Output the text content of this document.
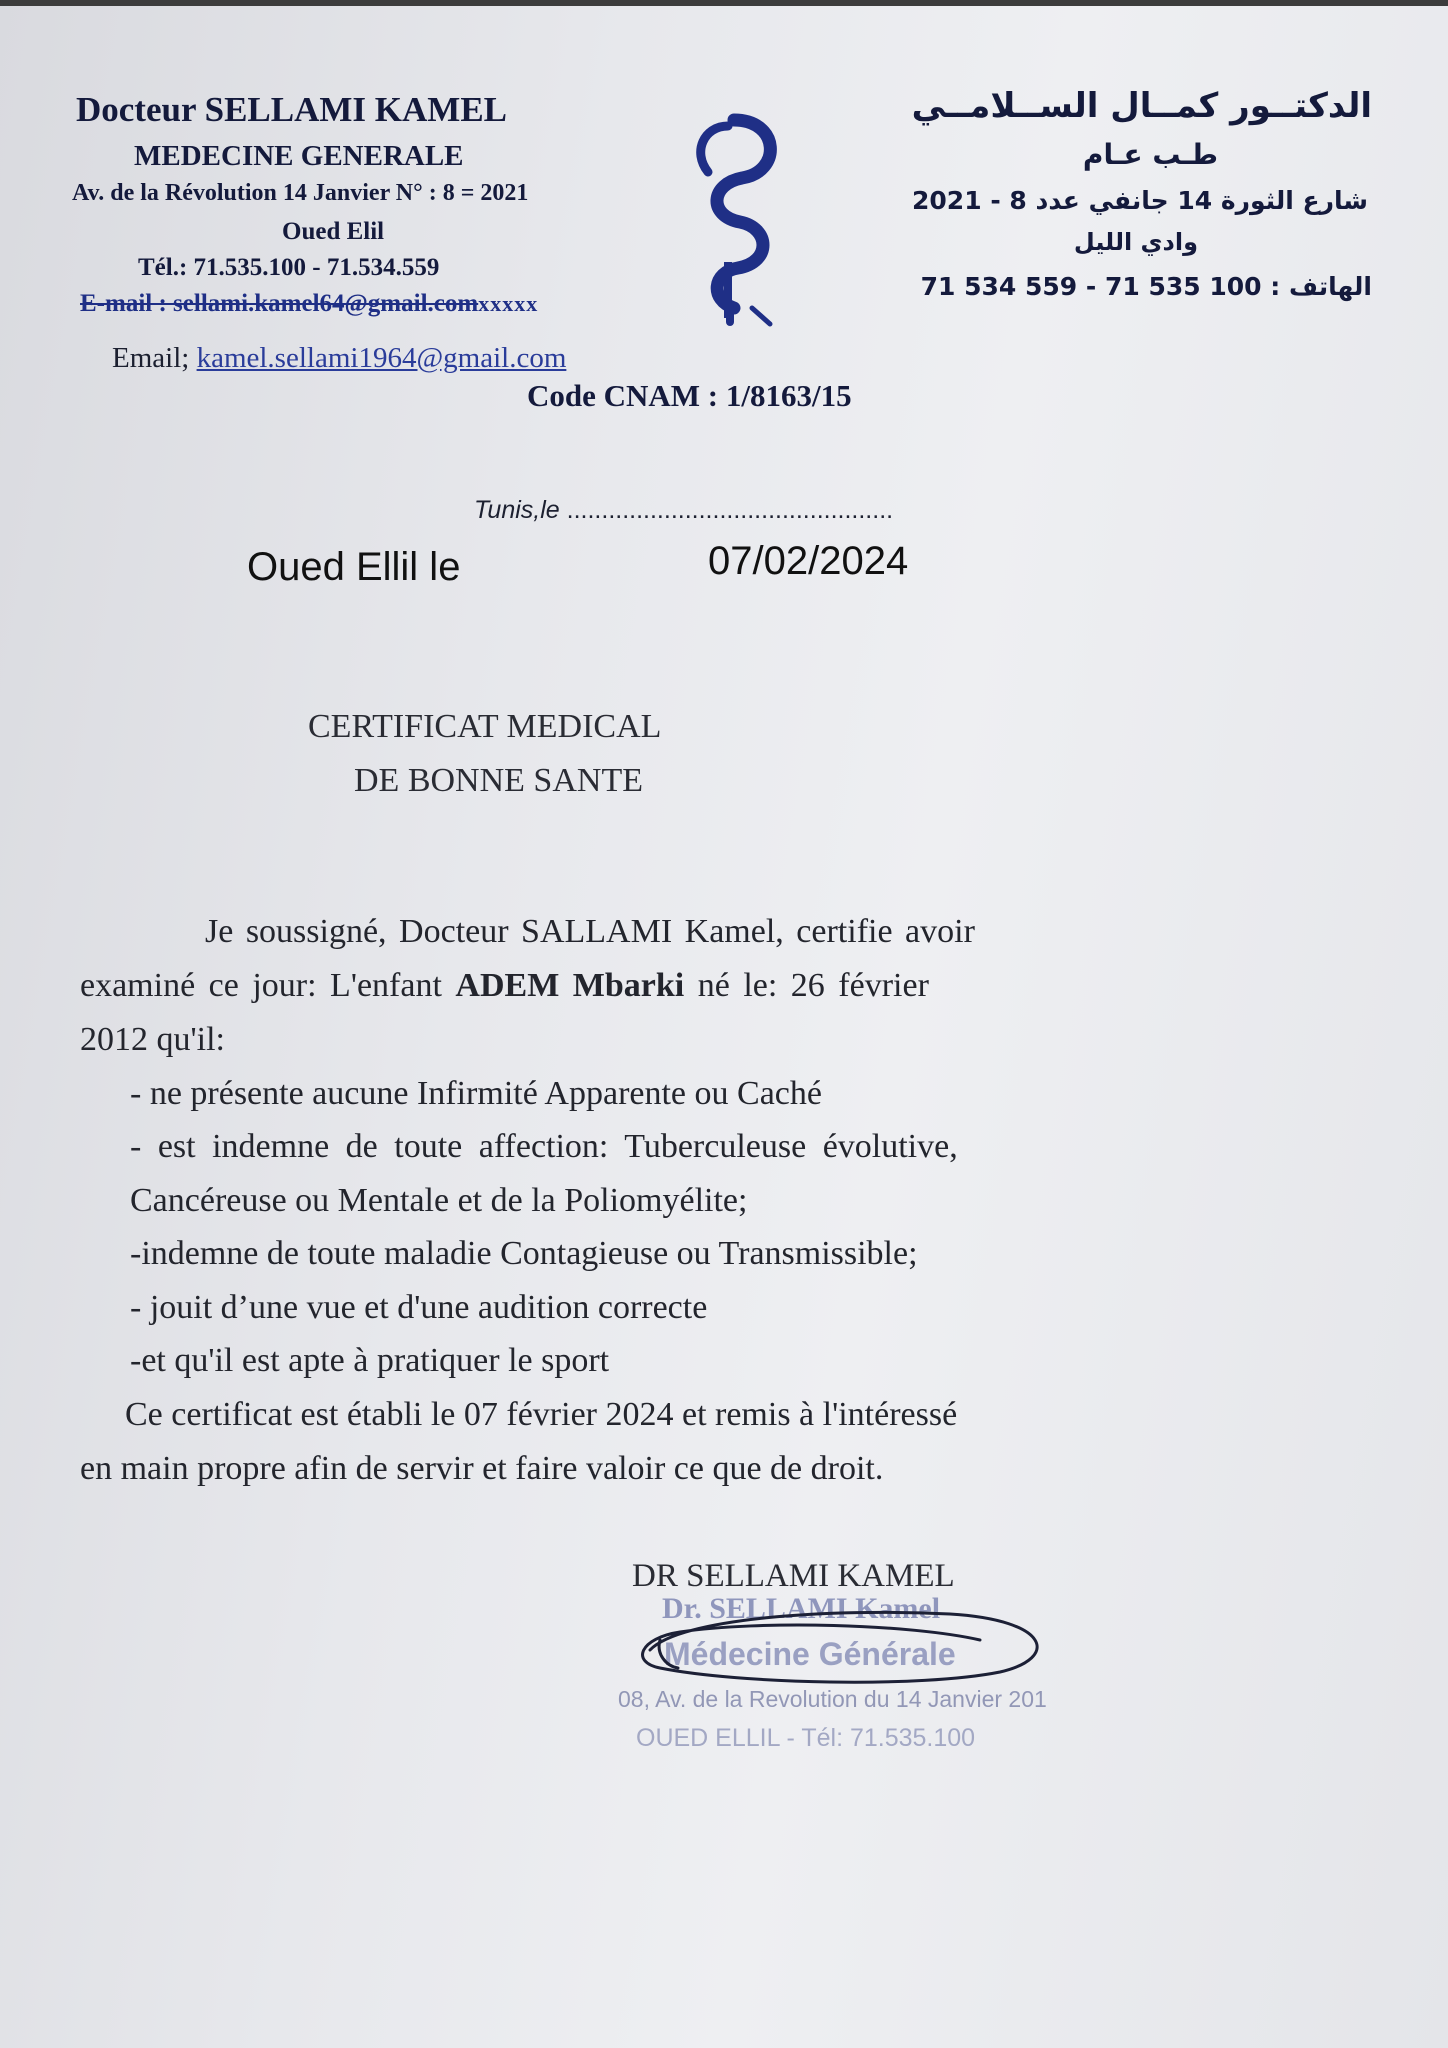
Docteur SELLAMI KAMEL

MEDECINE GENERALE

Av. de la Révolution 14 Janvier N° : 8 = 2021

Oued Elil

Tél.: 71.535.100 - 71.534.559

E-mail : sellami.kamel64@gmail.comxxxxx
Email; kamel.sellami1964@gmail.com

Code CNAM : 1/8163/15

الدكتــور كمــال الســلامــي

طـب عـام

شارع الثورة 14 جانفي عدد 8 - 2021

وادي الليل

الهاتف : 100 535 71 - 559 534 71

Tunis,le ...............................................

Oued Ellil le	07/02/2024

CERTIFICAT MEDICAL

DE BONNE SANTE

Je soussigné, Docteur SALLAMI Kamel, certifie avoir

examiné ce jour: L'enfant ADEM Mbarki né le: 26 février

2012 qu'il:

- ne présente aucune Infirmité Apparente ou Caché

- est indemne de toute affection: Tuberculeuse évolutive,

Cancéreuse ou Mentale et de la Poliomyélite;

-indemne de toute maladie Contagieuse ou Transmissible;

- jouit d’une vue et d'une audition correcte

-et qu'il est apte à pratiquer le sport

Ce certificat est établi le 07 février 2024 et remis à l'intéressé

en main propre afin de servir et faire valoir ce que de droit.

DR SELLAMI KAMEL

Dr. SELLAMI Kamel

Médecine Générale

08, Av. de la Revolution du 14 Janvier 201

OUED ELLIL - Tél: 71.535.100
